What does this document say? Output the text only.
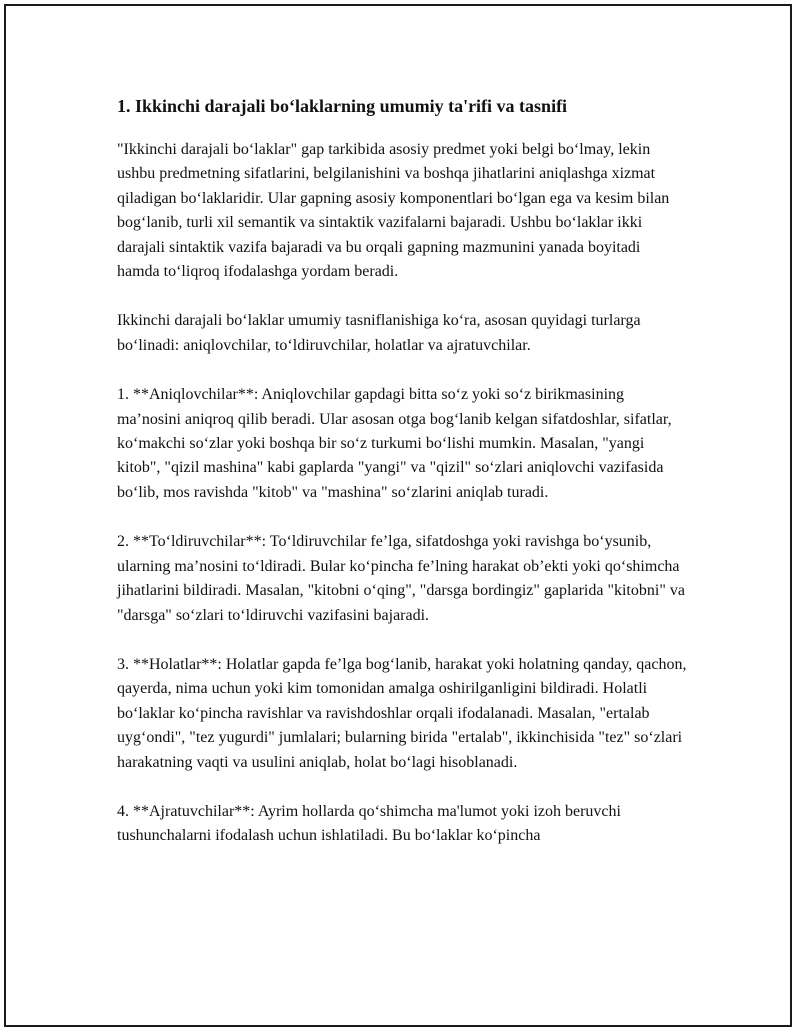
1. Ikkinchi darajali boʻlaklarning umumiy ta'rifi va tasnifi

"Ikkinchi darajali boʻlaklar" gap tarkibida asosiy predmet yoki belgi boʻlmay, lekin ushbu predmetning sifatlarini, belgilanishini va boshqa jihatlarini aniqlashga xizmat qiladigan boʻlaklaridir. Ular gapning asosiy komponentlari boʻlgan ega va kesim bilan bogʻlanib, turli xil semantik va sintaktik vazifalarni bajaradi. Ushbu boʻlaklar ikki darajali sintaktik vazifa bajaradi va bu orqali gapning mazmunini yanada boyitadi hamda toʻliqroq ifodalashga yordam beradi.

Ikkinchi darajali boʻlaklar umumiy tasniflanishiga koʻra, asosan quyidagi turlarga boʻlinadi: aniqlovchilar, toʻldiruvchilar, holatlar va ajratuvchilar.

1. **Aniqlovchilar**: Aniqlovchilar gapdagi bitta soʻz yoki soʻz birikmasining maʼnosini aniqroq qilib beradi. Ular asosan otga bogʻlanib kelgan sifatdoshlar, sifatlar, koʻmakchi soʻzlar yoki boshqa bir soʻz turkumi boʻlishi mumkin. Masalan, "yangi kitob", "qizil mashina" kabi gaplarda "yangi" va "qizil" soʻzlari aniqlovchi vazifasida boʻlib, mos ravishda "kitob" va "mashina" soʻzlarini aniqlab turadi.

2. **Toʻldiruvchilar**: Toʻldiruvchilar feʼlga, sifatdoshga yoki ravishga boʻysunib, ularning maʼnosini toʻldiradi. Bular koʻpincha feʼlning harakat obʼekti yoki qoʻshimcha jihatlarini bildiradi. Masalan, "kitobni oʻqing", "darsga bordingiz" gaplarida "kitobni" va "darsga" soʻzlari toʻldiruvchi vazifasini bajaradi.

3. **Holatlar**: Holatlar gapda feʼlga bogʻlanib, harakat yoki holatning qanday, qachon, qayerda, nima uchun yoki kim tomonidan amalga oshirilganligini bildiradi. Holatli boʻlaklar koʻpincha ravishlar va ravishdoshlar orqali ifodalanadi. Masalan, "ertalab uygʻondi", "tez yugurdi" jumlalari; bularning birida "ertalab", ikkinchisida "tez" soʻzlari harakatning vaqti va usulini aniqlab, holat boʻlagi hisoblanadi.

4. **Ajratuvchilar**: Ayrim hollarda qoʻshimcha ma'lumot yoki izoh beruvchi tushunchalarni ifodalash uchun ishlatiladi. Bu boʻlaklar koʻpincha
